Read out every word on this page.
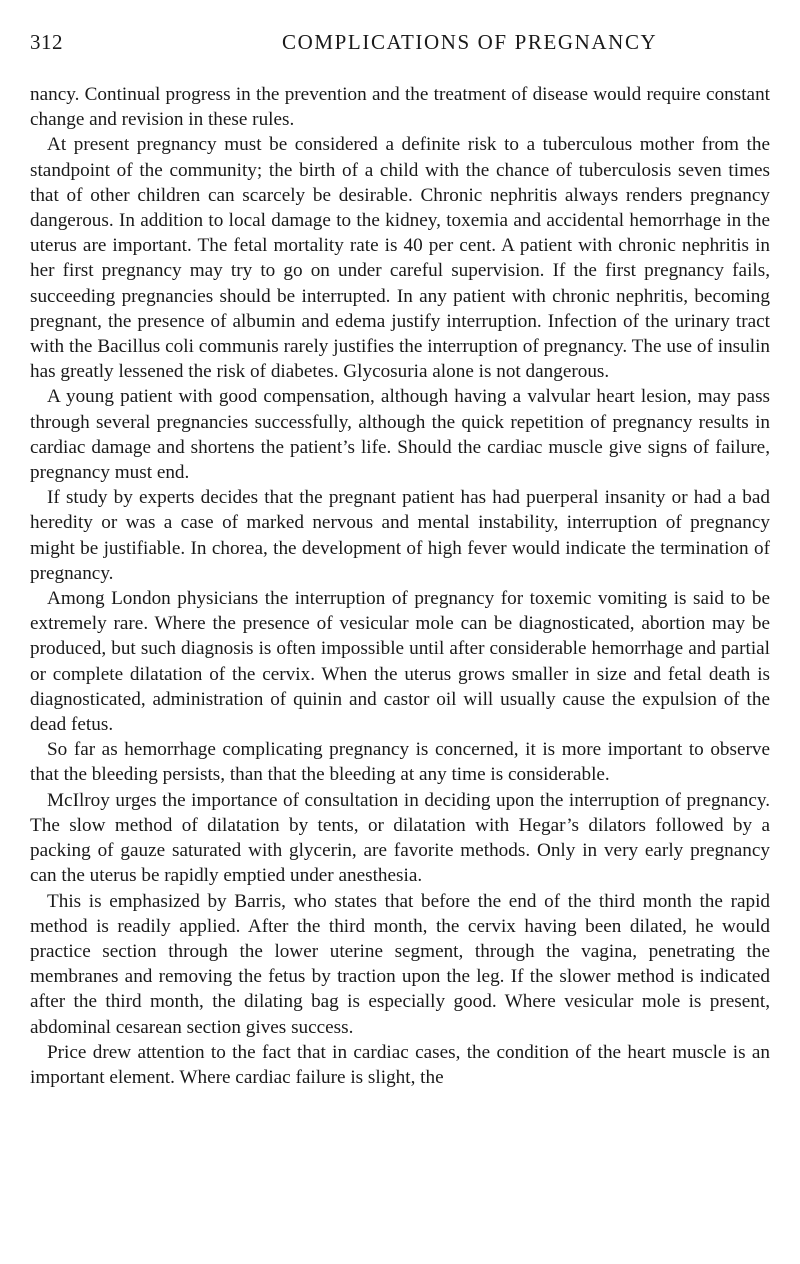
312	COMPLICATIONS OF PREGNANCY

nancy. Continual progress in the prevention and the treatment of disease would require constant change and revision in these rules.

At present pregnancy must be considered a definite risk to a tuberculous mother from the standpoint of the community; the birth of a child with the chance of tuberculosis seven times that of other children can scarcely be desirable. Chronic nephritis always renders pregnancy dangerous. In addition to local damage to the kidney, toxemia and accidental hemorrhage in the uterus are important. The fetal mortality rate is 40 per cent. A patient with chronic nephritis in her first pregnancy may try to go on under careful supervision. If the first pregnancy fails, succeeding pregnancies should be interrupted. In any patient with chronic nephritis, becoming pregnant, the presence of albumin and edema justify interruption. Infection of the urinary tract with the Bacillus coli communis rarely justifies the interruption of pregnancy. The use of insulin has greatly lessened the risk of diabetes. Glycosuria alone is not dangerous.

A young patient with good compensation, although having a valvular heart lesion, may pass through several pregnancies successfully, although the quick repetition of pregnancy results in cardiac damage and shortens the patient’s life. Should the cardiac muscle give signs of failure, pregnancy must end.

If study by experts decides that the pregnant patient has had puerperal insanity or had a bad heredity or was a case of marked nervous and mental instability, interruption of pregnancy might be justifiable. In chorea, the development of high fever would indicate the termination of pregnancy.

Among London physicians the interruption of pregnancy for toxemic vomiting is said to be extremely rare. Where the presence of vesicular mole can be diagnosticated, abortion may be produced, but such diagnosis is often impossible until after considerable hemorrhage and partial or complete dilatation of the cervix. When the uterus grows smaller in size and fetal death is diagnosticated, administration of quinin and castor oil will usually cause the expulsion of the dead fetus.

So far as hemorrhage complicating pregnancy is concerned, it is more important to observe that the bleeding persists, than that the bleeding at any time is considerable.

McIlroy urges the importance of consultation in deciding upon the interruption of pregnancy. The slow method of dilatation by tents, or dilatation with Hegar’s dilators followed by a packing of gauze saturated with glycerin, are favorite methods. Only in very early pregnancy can the uterus be rapidly emptied under anesthesia.

This is emphasized by Barris, who states that before the end of the third month the rapid method is readily applied. After the third month, the cervix having been dilated, he would practice section through the lower uterine segment, through the vagina, penetrating the membranes and removing the fetus by traction upon the leg. If the slower method is indicated after the third month, the dilating bag is especially good. Where vesicular mole is present, abdominal cesarean section gives success.

Price drew attention to the fact that in cardiac cases, the condition of the heart muscle is an important element. Where cardiac failure is slight, the
